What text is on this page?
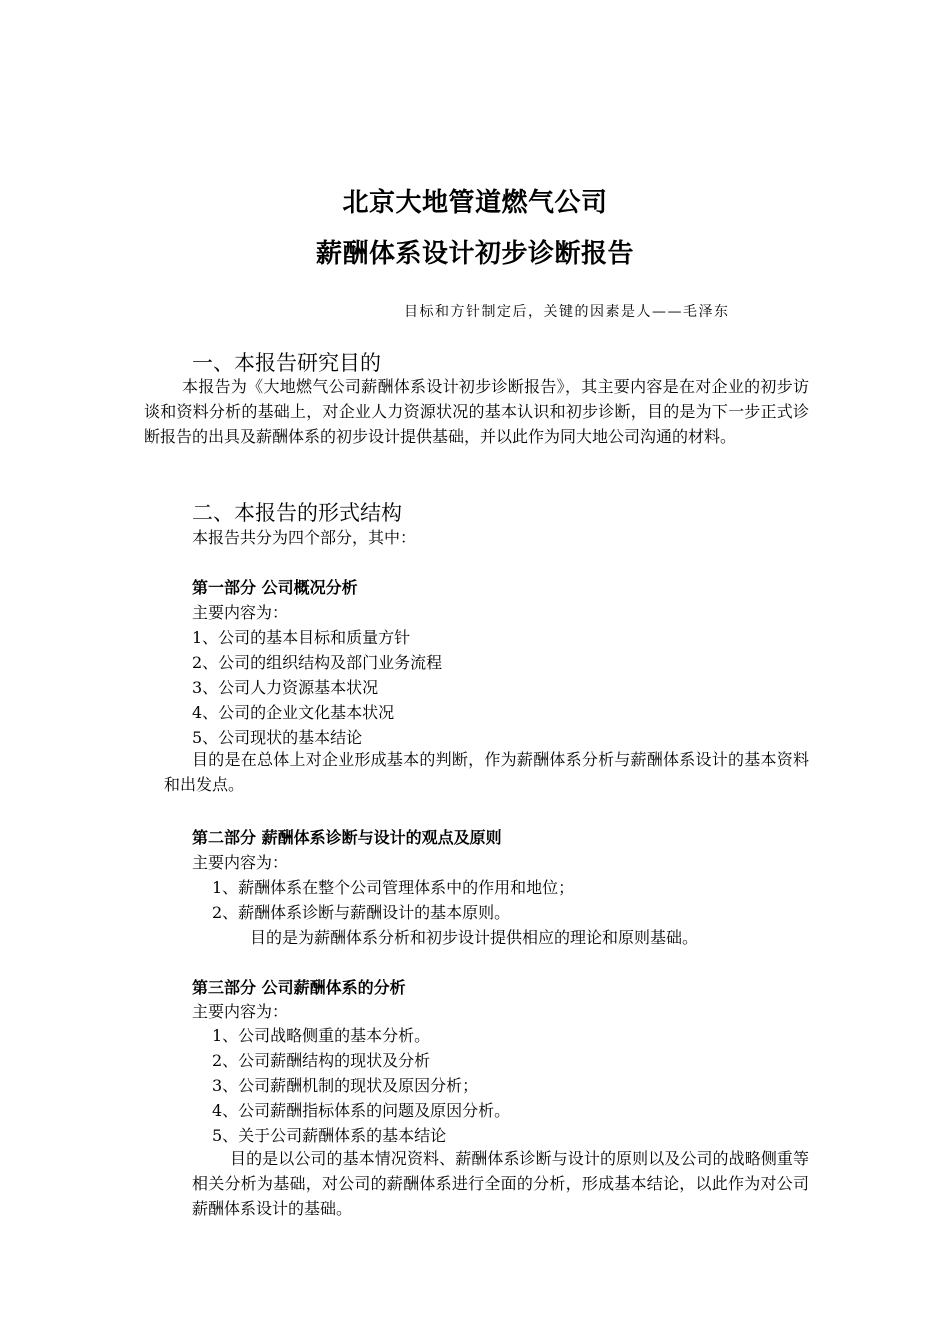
北京大地管道燃气公司
薪酬体系设计初步诊断报告
目标和方针制定后，关键的因素是人——毛泽东
一、本报告研究目的
本报告为《大地燃气公司薪酬体系设计初步诊断报告》，其主要内容是在对企业的初步访谈和资料分析的基础上，对企业人力资源状况的基本认识和初步诊断，目的是为下一步正式诊断报告的出具及薪酬体系的初步设计提供基础，并以此作为同大地公司沟通的材料。
二、本报告的形式结构
本报告共分为四个部分，其中：
第一部分 公司概况分析
主要内容为：
1、公司的基本目标和质量方针
2、公司的组织结构及部门业务流程
3、公司人力资源基本状况
4、公司的企业文化基本状况
5、公司现状的基本结论
目的是在总体上对企业形成基本的判断，作为薪酬体系分析与薪酬体系设计的基本资料和出发点。
第二部分 薪酬体系诊断与设计的观点及原则
主要内容为：
1、薪酬体系在整个公司管理体系中的作用和地位；
2、薪酬体系诊断与薪酬设计的基本原则。
目的是为薪酬体系分析和初步设计提供相应的理论和原则基础。
第三部分 公司薪酬体系的分析
主要内容为：
1、公司战略侧重的基本分析。
2、公司薪酬结构的现状及分析
3、公司薪酬机制的现状及原因分析；
4、公司薪酬指标体系的问题及原因分析。
5、关于公司薪酬体系的基本结论
目的是以公司的基本情况资料、薪酬体系诊断与设计的原则以及公司的战略侧重等相关分析为基础，对公司的薪酬体系进行全面的分析，形成基本结论，以此作为对公司薪酬体系设计的基础。
